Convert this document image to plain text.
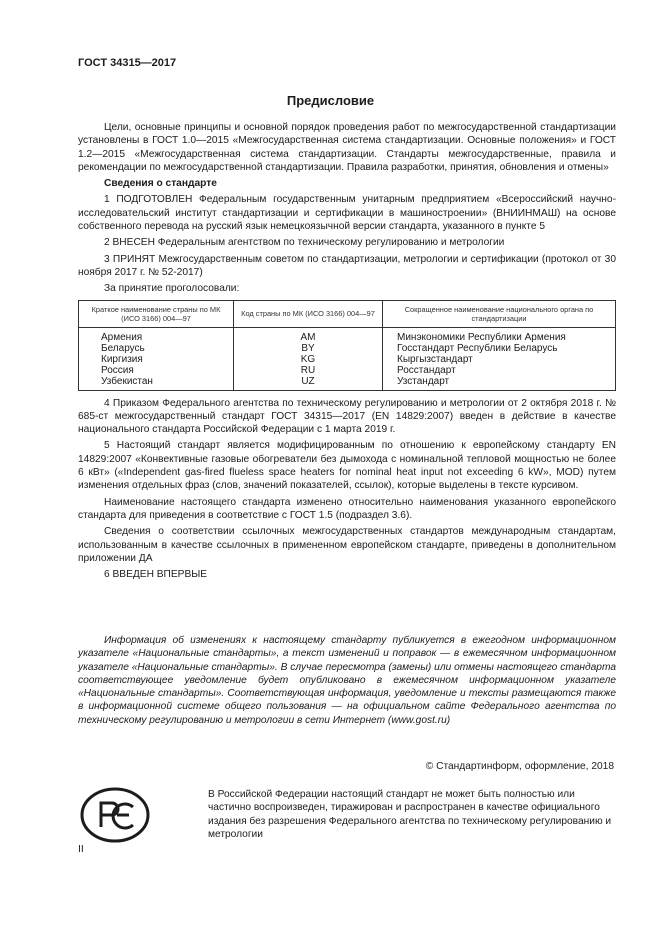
ГОСТ 34315—2017
Предисловие

Цели, основные принципы и основной порядок проведения работ по межгосударственной стандартизации установлены в ГОСТ 1.0—2015 «Межгосударственная система стандартизации. Основные положения» и ГОСТ 1.2—2015 «Межгосударственная система стандартизации. Стандарты межгосударственные, правила и рекомендации по межгосударственной стандартизации. Правила разработки, принятия, обновления и отмены»

Сведения о стандарте

1 ПОДГОТОВЛЕН Федеральным государственным унитарным предприятием «Всероссийский научно-исследовательский институт стандартизации и сертификации в машиностроении» (ВНИИНМАШ) на основе собственного перевода на русский язык немецкоязычной версии стандарта, указанного в пункте 5

2 ВНЕСЕН Федеральным агентством по техническому регулированию и метрологии

3 ПРИНЯТ Межгосударственным советом по стандартизации, метрологии и сертификации (протокол от 30 ноября 2017 г. № 52-2017)

За принятие проголосовали:

Краткое наименование страны по МК (ИСО 3166) 004—97	Код страны по МК (ИСО 3166) 004—97	Сокращенное наименование национального органа по стандартизации
Армения	AM	Минэкономики Республики Армения
Беларусь	BY	Госстандарт Республики Беларусь
Киргизия	KG	Кыргызстандарт
Россия	RU	Росстандарт
Узбекистан	UZ	Узстандарт

4 Приказом Федерального агентства по техническому регулированию и метрологии от 2 октября 2018 г. № 685-ст межгосударственный стандарт ГОСТ 34315—2017 (EN 14829:2007) введен в действие в качестве национального стандарта Российской Федерации с 1 марта 2019 г.

5 Настоящий стандарт является модифицированным по отношению к европейскому стандарту EN 14829:2007 «Конвективные газовые обогреватели без дымохода с номинальной тепловой мощностью не более 6 кВт» («Independent gas-fired flueless space heaters for nominal heat input not exceeding 6 kW», MOD) путем изменения отдельных фраз (слов, значений показателей, ссылок), которые выделены в тексте курсивом.

Наименование настоящего стандарта изменено относительно наименования указанного европейского стандарта для приведения в соответствие с ГОСТ 1.5 (подраздел 3.6).

Сведения о соответствии ссылочных межгосударственных стандартов международным стандартам, использованным в качестве ссылочных в примененном европейском стандарте, приведены в дополнительном приложении ДА

6 ВВЕДЕН ВПЕРВЫЕ

Информация об изменениях к настоящему стандарту публикуется в ежегодном информационном указателе «Национальные стандарты», а текст изменений и поправок — в ежемесячном информационном указателе «Национальные стандарты». В случае пересмотра (замены) или отмены настоящего стандарта соответствующее уведомление будет опубликовано в ежемесячном информационном указателе «Национальные стандарты». Соответствующая информация, уведомление и тексты размещаются также в информационной системе общего пользования — на официальном сайте Федерального агентства по техническому регулированию и метрологии в сети Интернет (www.gost.ru)

© Стандартинформ, оформление, 2018

В Российской Федерации настоящий стандарт не может быть полностью или частично воспроизведен, тиражирован и распространен в качестве официального издания без разрешения Федерального агентства по техническому регулированию и метрологии

II
